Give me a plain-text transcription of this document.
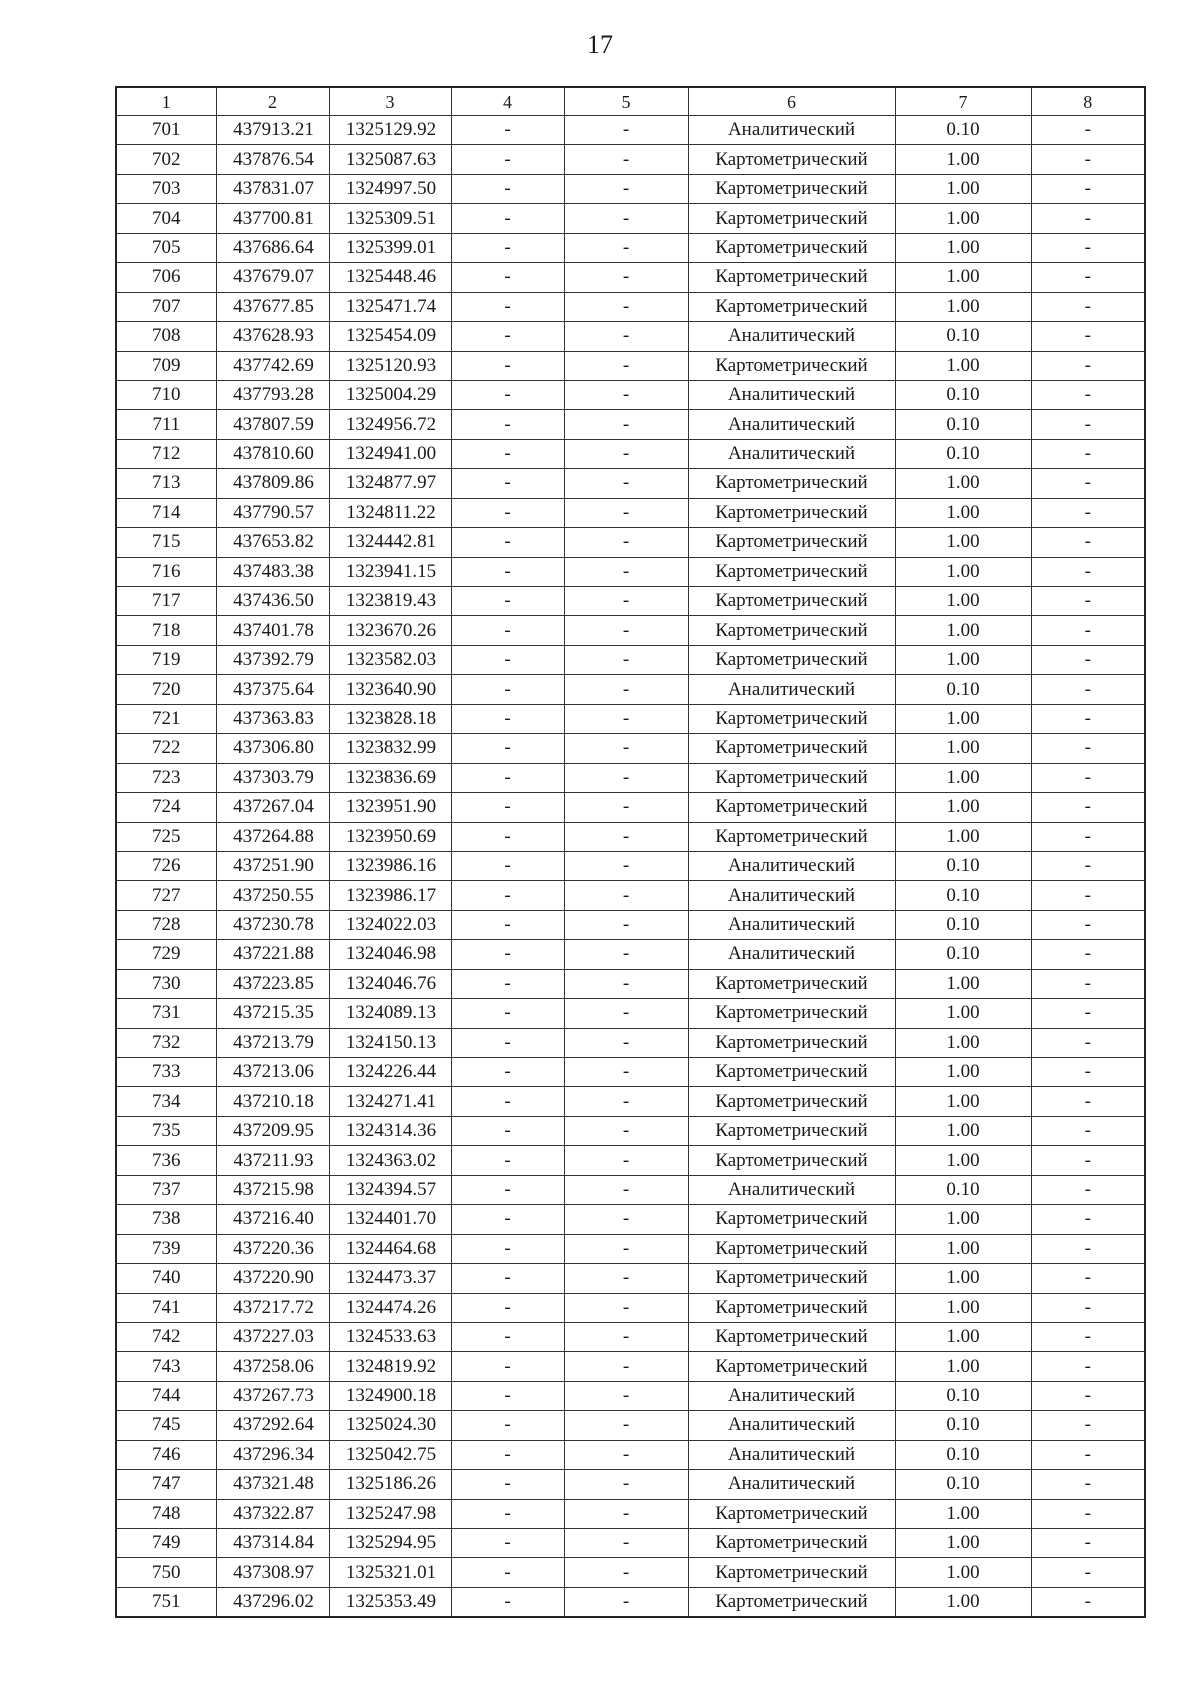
17
1	2	3	4	5	6	7	8
701	437913.21	1325129.92	-	-	Аналитический	0.10	-
702	437876.54	1325087.63	-	-	Картометрический	1.00	-
703	437831.07	1324997.50	-	-	Картометрический	1.00	-
704	437700.81	1325309.51	-	-	Картометрический	1.00	-
705	437686.64	1325399.01	-	-	Картометрический	1.00	-
706	437679.07	1325448.46	-	-	Картометрический	1.00	-
707	437677.85	1325471.74	-	-	Картометрический	1.00	-
708	437628.93	1325454.09	-	-	Аналитический	0.10	-
709	437742.69	1325120.93	-	-	Картометрический	1.00	-
710	437793.28	1325004.29	-	-	Аналитический	0.10	-
711	437807.59	1324956.72	-	-	Аналитический	0.10	-
712	437810.60	1324941.00	-	-	Аналитический	0.10	-
713	437809.86	1324877.97	-	-	Картометрический	1.00	-
714	437790.57	1324811.22	-	-	Картометрический	1.00	-
715	437653.82	1324442.81	-	-	Картометрический	1.00	-
716	437483.38	1323941.15	-	-	Картометрический	1.00	-
717	437436.50	1323819.43	-	-	Картометрический	1.00	-
718	437401.78	1323670.26	-	-	Картометрический	1.00	-
719	437392.79	1323582.03	-	-	Картометрический	1.00	-
720	437375.64	1323640.90	-	-	Аналитический	0.10	-
721	437363.83	1323828.18	-	-	Картометрический	1.00	-
722	437306.80	1323832.99	-	-	Картометрический	1.00	-
723	437303.79	1323836.69	-	-	Картометрический	1.00	-
724	437267.04	1323951.90	-	-	Картометрический	1.00	-
725	437264.88	1323950.69	-	-	Картометрический	1.00	-
726	437251.90	1323986.16	-	-	Аналитический	0.10	-
727	437250.55	1323986.17	-	-	Аналитический	0.10	-
728	437230.78	1324022.03	-	-	Аналитический	0.10	-
729	437221.88	1324046.98	-	-	Аналитический	0.10	-
730	437223.85	1324046.76	-	-	Картометрический	1.00	-
731	437215.35	1324089.13	-	-	Картометрический	1.00	-
732	437213.79	1324150.13	-	-	Картометрический	1.00	-
733	437213.06	1324226.44	-	-	Картометрический	1.00	-
734	437210.18	1324271.41	-	-	Картометрический	1.00	-
735	437209.95	1324314.36	-	-	Картометрический	1.00	-
736	437211.93	1324363.02	-	-	Картометрический	1.00	-
737	437215.98	1324394.57	-	-	Аналитический	0.10	-
738	437216.40	1324401.70	-	-	Картометрический	1.00	-
739	437220.36	1324464.68	-	-	Картометрический	1.00	-
740	437220.90	1324473.37	-	-	Картометрический	1.00	-
741	437217.72	1324474.26	-	-	Картометрический	1.00	-
742	437227.03	1324533.63	-	-	Картометрический	1.00	-
743	437258.06	1324819.92	-	-	Картометрический	1.00	-
744	437267.73	1324900.18	-	-	Аналитический	0.10	-
745	437292.64	1325024.30	-	-	Аналитический	0.10	-
746	437296.34	1325042.75	-	-	Аналитический	0.10	-
747	437321.48	1325186.26	-	-	Аналитический	0.10	-
748	437322.87	1325247.98	-	-	Картометрический	1.00	-
749	437314.84	1325294.95	-	-	Картометрический	1.00	-
750	437308.97	1325321.01	-	-	Картометрический	1.00	-
751	437296.02	1325353.49	-	-	Картометрический	1.00	-
